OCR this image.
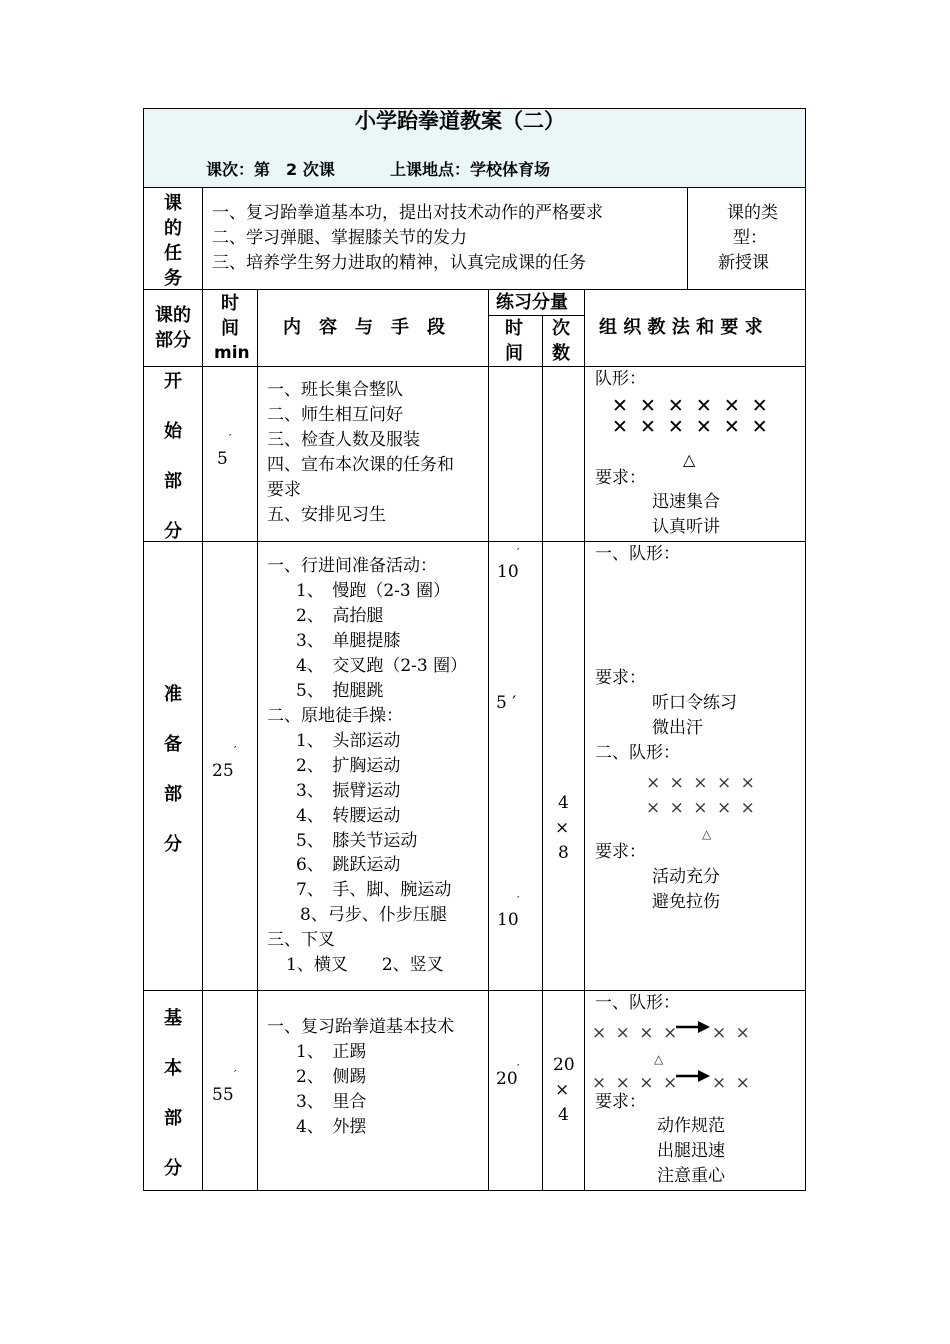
小学跆拳道教案（二）
课次：第　2 次课	上课地点：学校体育场
课
的
任
务
一、复习跆拳道基本功，提出对技术动作的严格要求
二、学习弹腿、掌握膝关节的发力
三、培养学生努力进取的精神，认真完成课的任务
课的类
型：
新授课
课的
部分
时
间
min
内　容　与　手　段
练习分量
时
间
次
数
组 织 教 法 和 要 求
开
始
部
分
5
′
一、班长集合整队
二、师生相互问好
三、检查人数及服装
四、宣布本次课的任务和
要求
五、安排见习生
队形：
✕ ✕ ✕ ✕ ✕ ✕
✕ ✕ ✕ ✕ ✕ ✕
△
要求：
迅速集合
认真听讲
准
备
部
分
25
′
一、行进间准备活动：
1、　慢跑（2-3 圈）
2、　高抬腿
3、　单腿提膝
4、　交叉跑（2-3 圈）
5、　抱腿跳
二、原地徒手操：
1、　头部运动
2、　扩胸运动
3、　振臂运动
4、　转腰运动
5、　膝关节运动
6、　跳跃运动
7、　手、脚、腕运动
8、弓步、仆步压腿
三、下叉
1、横叉　　2、竖叉
10
′
5 ′
10
′
4
×
8
一、队形：
要求：
听口令练习
微出汗
二、队形：
× × × × ×
× × × × ×
△
要求：
活动充分
避免拉伤
基
本
部
分
55
′
一、复习跆拳道基本技术
1、　正踢
2、　侧踢
3、　里合
4、　外摆
20
′ 20
×
4
一、队形：
× × × × × ×
△
× × × × × ×
要求：
动作规范
出腿迅速
注意重心
